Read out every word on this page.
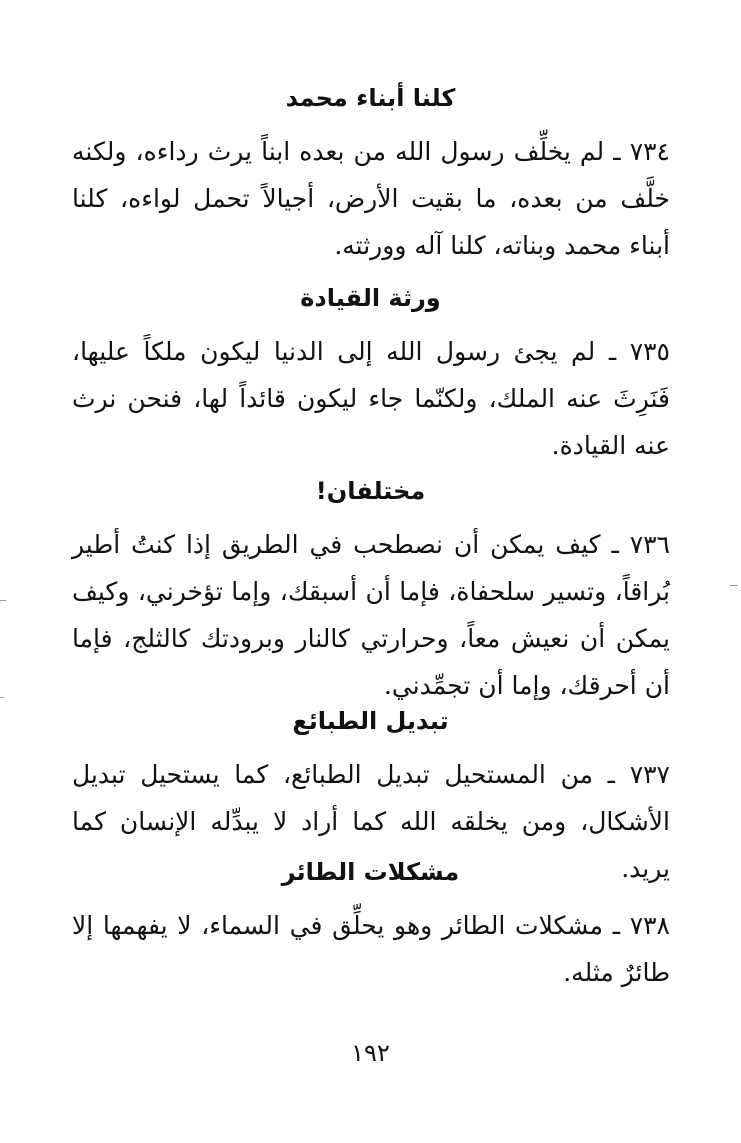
كلنا أبناء محمد
٧٣٤ ـ لم يخلِّف رسول الله من بعده ابناً يرث رداءه، ولكنه خلَّف من بعده، ما بقيت الأرض، أجيالاً تحمل لواءه، كلنا أبناء محمد وبناته، كلنا آله وورثته.
ورثة القيادة
٧٣٥ ـ لم يجئ رسول الله إلى الدنيا ليكون ملكاً عليها، فَنَرِثَ عنه الملك، ولكنّما جاء ليكون قائداً لها، فنحن نرث عنه القيادة.
مختلفان!
٧٣٦ ـ كيف يمكن أن نصطحب في الطريق إذا كنتُ أطير بُراقاً، وتسير سلحفاة، فإما أن أسبقك، وإما تؤخرني، وكيف يمكن أن نعيش معاً، وحرارتي كالنار وبرودتك كالثلج، فإما أن أحرقك، وإما أن تجمِّدني.
تبديل الطبائع
٧٣٧ ـ من المستحيل تبديل الطبائع، كما يستحيل تبديل الأشكال، ومن يخلقه الله كما أراد لا يبدِّله الإنسان كما يريد.
مشكلات الطائر
٧٣٨ ـ مشكلات الطائر وهو يحلِّق في السماء، لا يفهمها إلا طائرٌ مثله.
١٩٢
